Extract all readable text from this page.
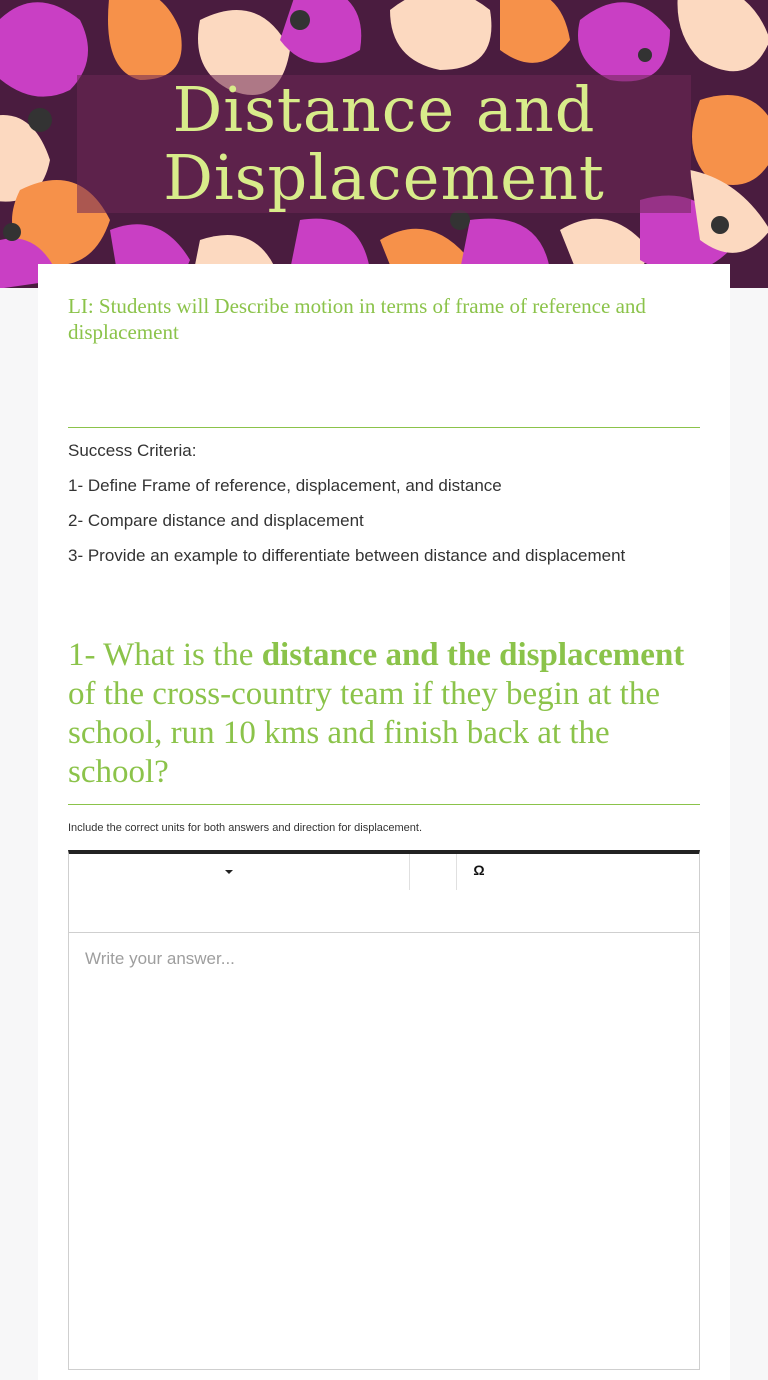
Distance and Displacement

LI: Students will Describe motion in terms of frame of reference and displacement

Success Criteria:

1- Define Frame of reference, displacement, and distance

2- Compare distance and displacement

3- Provide an example to differentiate between distance and displacement

1- What is the distance and the displacement of the cross-country team if they begin at the school, run 10 kms and finish back at the school?

Include the correct units for both answers and direction for displacement.

Ω
Write your answer...
